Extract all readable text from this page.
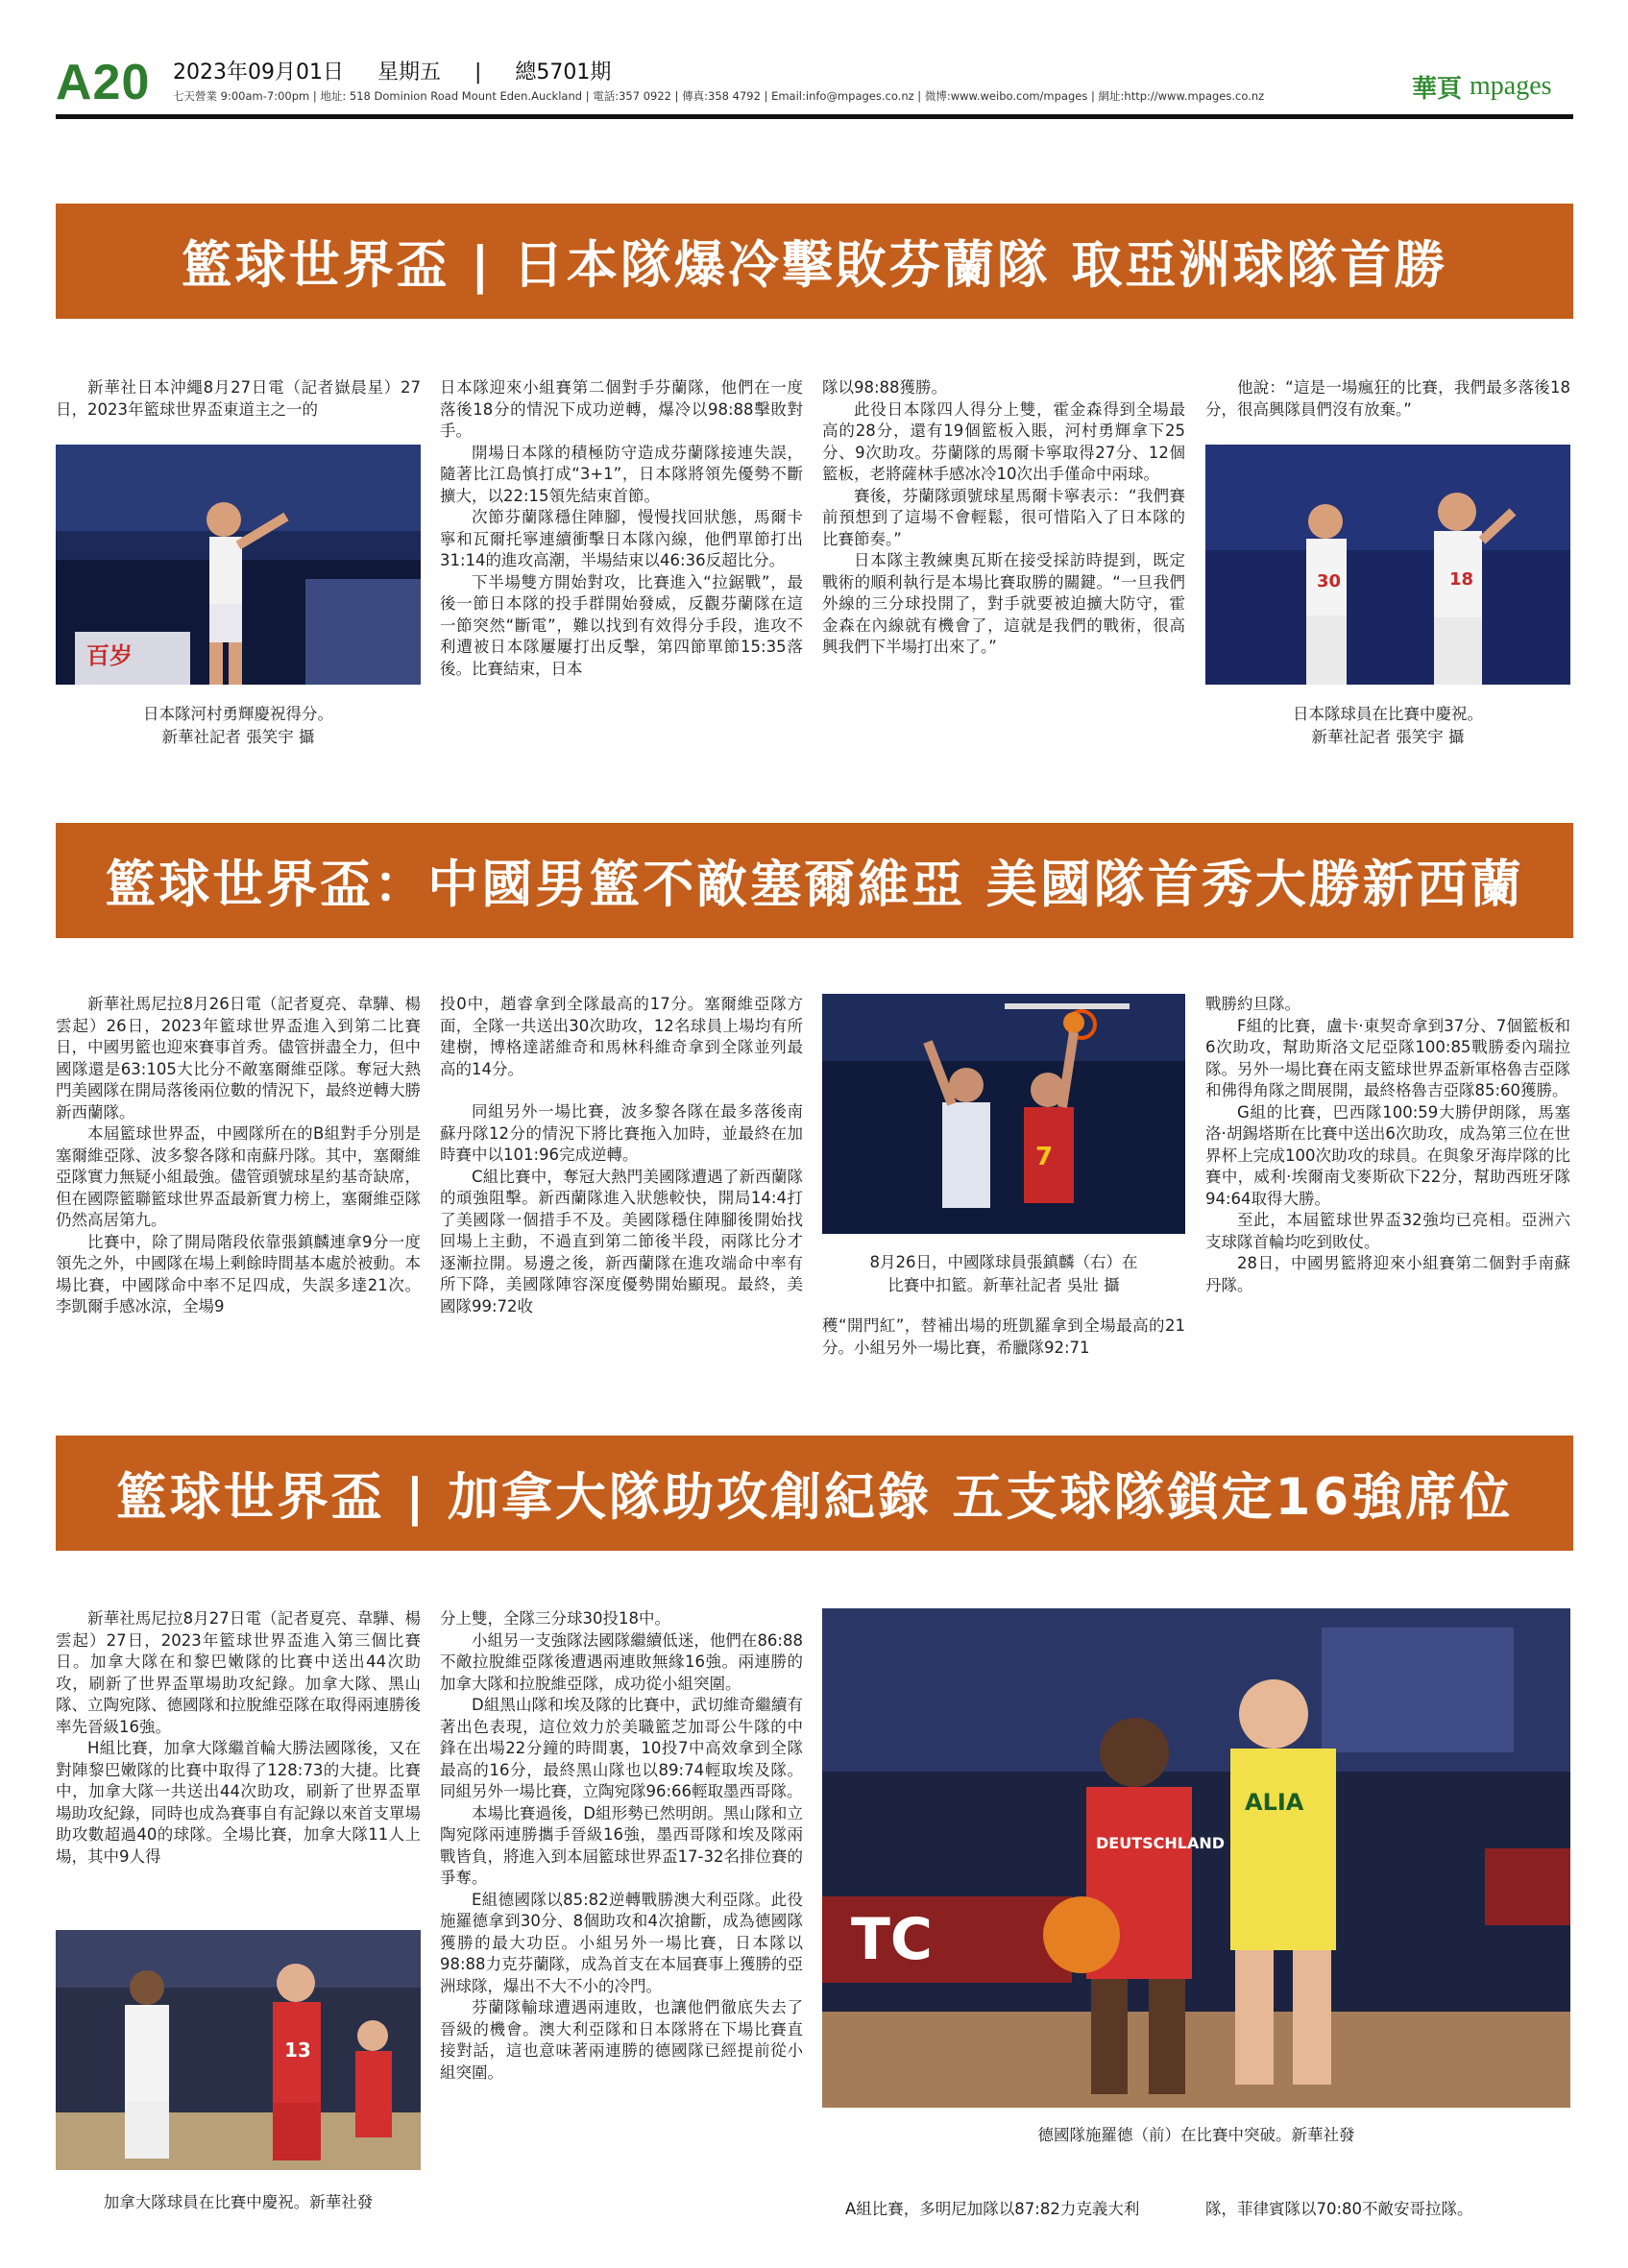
A20 2023年09月01日 星期五 | 總5701期
七天營業 9:00am-7:00pm | 地址: 518 Dominion Road Mount Eden.Auckland | 電話:357 0922 | 傳真:358 4792 | Email:info@mpages.co.nz | 微博:www.weibo.com/mpages | 網址:http://www.mpages.co.nz	華頁 mpages
籃球世界盃 | 日本隊爆冷擊敗芬蘭隊 取亞洲球隊首勝

新華社日本沖繩8月27日電（記者嶽晨星）27日，2023年籃球世界盃東道主之一的

百岁
日本隊河村勇輝慶祝得分。
新華社記者 張笑宇 攝

日本隊迎來小組賽第二個對手芬蘭隊，他們在一度落後18分的情況下成功逆轉，爆冷以98:88擊敗對手。

開場日本隊的積極防守造成芬蘭隊接連失誤，隨著比江島慎打成“3+1”，日本隊將領先優勢不斷擴大，以22:15領先結束首節。

次節芬蘭隊穩住陣腳，慢慢找回狀態，馬爾卡寧和瓦爾托寧連續衝擊日本隊內線，他們單節打出31:14的進攻高潮，半場結束以46:36反超比分。

下半場雙方開始對攻，比賽進入“拉鋸戰”，最後一節日本隊的投手群開始發威，反觀芬蘭隊在這一節突然“斷電”，難以找到有效得分手段，進攻不利遭被日本隊屢屢打出反擊，第四節單節15:35落後。比賽結束，日本

隊以98:88獲勝。

此役日本隊四人得分上雙，霍金森得到全場最高的28分，還有19個籃板入賬，河村勇輝拿下25分、9次助攻。芬蘭隊的馬爾卡寧取得27分、12個籃板，老將薩林手感冰冷10次出手僅命中兩球。

賽後，芬蘭隊頭號球星馬爾卡寧表示：“我們賽前預想到了這場不會輕鬆，很可惜陷入了日本隊的比賽節奏。”

日本隊主教練奧瓦斯在接受採訪時提到，既定戰術的順利執行是本場比賽取勝的關鍵。“一旦我們外線的三分球投開了，對手就要被迫擴大防守，霍金森在內線就有機會了，這就是我們的戰術，很高興我們下半場打出來了。”

他說：“這是一場瘋狂的比賽，我們最多落後18分，很高興隊員們沒有放棄。”

30	18
日本隊球員在比賽中慶祝。
新華社記者 張笑宇 攝
籃球世界盃：中國男籃不敵塞爾維亞 美國隊首秀大勝新西蘭

新華社馬尼拉8月26日電（記者夏亮、韋驊、楊雲起）26日，2023年籃球世界盃進入到第二比賽日，中國男籃也迎來賽事首秀。儘管拼盡全力，但中國隊還是63:105大比分不敵塞爾維亞隊。奪冠大熱門美國隊在開局落後兩位數的情況下，最終逆轉大勝新西蘭隊。

本屆籃球世界盃，中國隊所在的B組對手分別是塞爾維亞隊、波多黎各隊和南蘇丹隊。其中，塞爾維亞隊實力無疑小組最強。儘管頭號球星約基奇缺席，但在國際籃聯籃球世界盃最新實力榜上，塞爾維亞隊仍然高居第九。

比賽中，除了開局階段依靠張鎮麟連拿9分一度領先之外，中國隊在場上剩餘時間基本處於被動。本場比賽，中國隊命中率不足四成，失誤多達21次。李凱爾手感冰涼，全場9

投0中，趙睿拿到全隊最高的17分。塞爾維亞隊方面，全隊一共送出30次助攻，12名球員上場均有所建樹，博格達諾維奇和馬林科維奇拿到全隊並列最高的14分。

同組另外一場比賽，波多黎各隊在最多落後南蘇丹隊12分的情況下將比賽拖入加時，並最終在加時賽中以101:96完成逆轉。

C組比賽中，奪冠大熱門美國隊遭遇了新西蘭隊的頑強阻擊。新西蘭隊進入狀態較快，開局14:4打了美國隊一個措手不及。美國隊穩住陣腳後開始找回場上主動，不過直到第二節後半段，兩隊比分才逐漸拉開。易邊之後，新西蘭隊在進攻端命中率有所下降，美國隊陣容深度優勢開始顯現。最終，美國隊99:72收

7
8月26日，中國隊球員張鎮麟（右）在
比賽中扣籃。新華社記者 吳壯 攝

穫“開門紅”，替補出場的班凱羅拿到全場最高的21分。小組另外一場比賽，希臘隊92:71

戰勝約旦隊。

F組的比賽，盧卡·東契奇拿到37分、7個籃板和6次助攻，幫助斯洛文尼亞隊100:85戰勝委內瑞拉隊。另外一場比賽在兩支籃球世界盃新軍格魯吉亞隊和佛得角隊之間展開，最終格魯吉亞隊85:60獲勝。

G組的比賽，巴西隊100:59大勝伊朗隊，馬塞洛·胡錫塔斯在比賽中送出6次助攻，成為第三位在世界杯上完成100次助攻的球員。在與象牙海岸隊的比賽中，威利·埃爾南戈麥斯砍下22分，幫助西班牙隊94:64取得大勝。

至此，本屆籃球世界盃32強均已亮相。亞洲六支球隊首輪均吃到敗仗。

28日，中國男籃將迎來小組賽第二個對手南蘇丹隊。

籃球世界盃 | 加拿大隊助攻創紀錄 五支球隊鎖定16強席位

新華社馬尼拉8月27日電（記者夏亮、韋驊、楊雲起）27日，2023年籃球世界盃進入第三個比賽日。加拿大隊在和黎巴嫩隊的比賽中送出44次助攻，刷新了世界盃單場助攻紀錄。加拿大隊、黑山隊、立陶宛隊、德國隊和拉脫維亞隊在取得兩連勝後率先晉級16強。

H組比賽，加拿大隊繼首輪大勝法國隊後，又在對陣黎巴嫩隊的比賽中取得了128:73的大捷。比賽中，加拿大隊一共送出44次助攻，刷新了世界盃單場助攻紀錄，同時也成為賽事自有記錄以來首支單場助攻數超過40的球隊。全場比賽，加拿大隊11人上場，其中9人得

13
加拿大隊球員在比賽中慶祝。新華社發

分上雙，全隊三分球30投18中。

小組另一支強隊法國隊繼續低迷，他們在86:88不敵拉脫維亞隊後遭遇兩連敗無緣16強。兩連勝的加拿大隊和拉脫維亞隊，成功從小組突圍。

D組黑山隊和埃及隊的比賽中，武切維奇繼續有著出色表現，這位效力於美職籃芝加哥公牛隊的中鋒在出場22分鐘的時間裏，10投7中高效拿到全隊最高的16分，最終黑山隊也以89:74輕取埃及隊。同組另外一場比賽，立陶宛隊96:66輕取墨西哥隊。

本場比賽過後，D組形勢已然明朗。黑山隊和立陶宛隊兩連勝攜手晉級16強，墨西哥隊和埃及隊兩戰皆負，將進入到本屆籃球世界盃17-32名排位賽的爭奪。

E組德國隊以85:82逆轉戰勝澳大利亞隊。此役施羅德拿到30分、8個助攻和4次搶斷，成為德國隊獲勝的最大功臣。小組另外一場比賽，日本隊以98:88力克芬蘭隊，成為首支在本屆賽事上獲勝的亞洲球隊，爆出不大不小的冷門。

芬蘭隊輸球遭遇兩連敗，也讓他們徹底失去了晉級的機會。澳大利亞隊和日本隊將在下場比賽直接對話，這也意味著兩連勝的德國隊已經提前從小組突圍。

TC
ALIA
DEUTSCHLAND
德國隊施羅德（前）在比賽中突破。新華社發

A組比賽，多明尼加隊以87:82力克義大利	隊，菲律賓隊以70:80不敵安哥拉隊。
